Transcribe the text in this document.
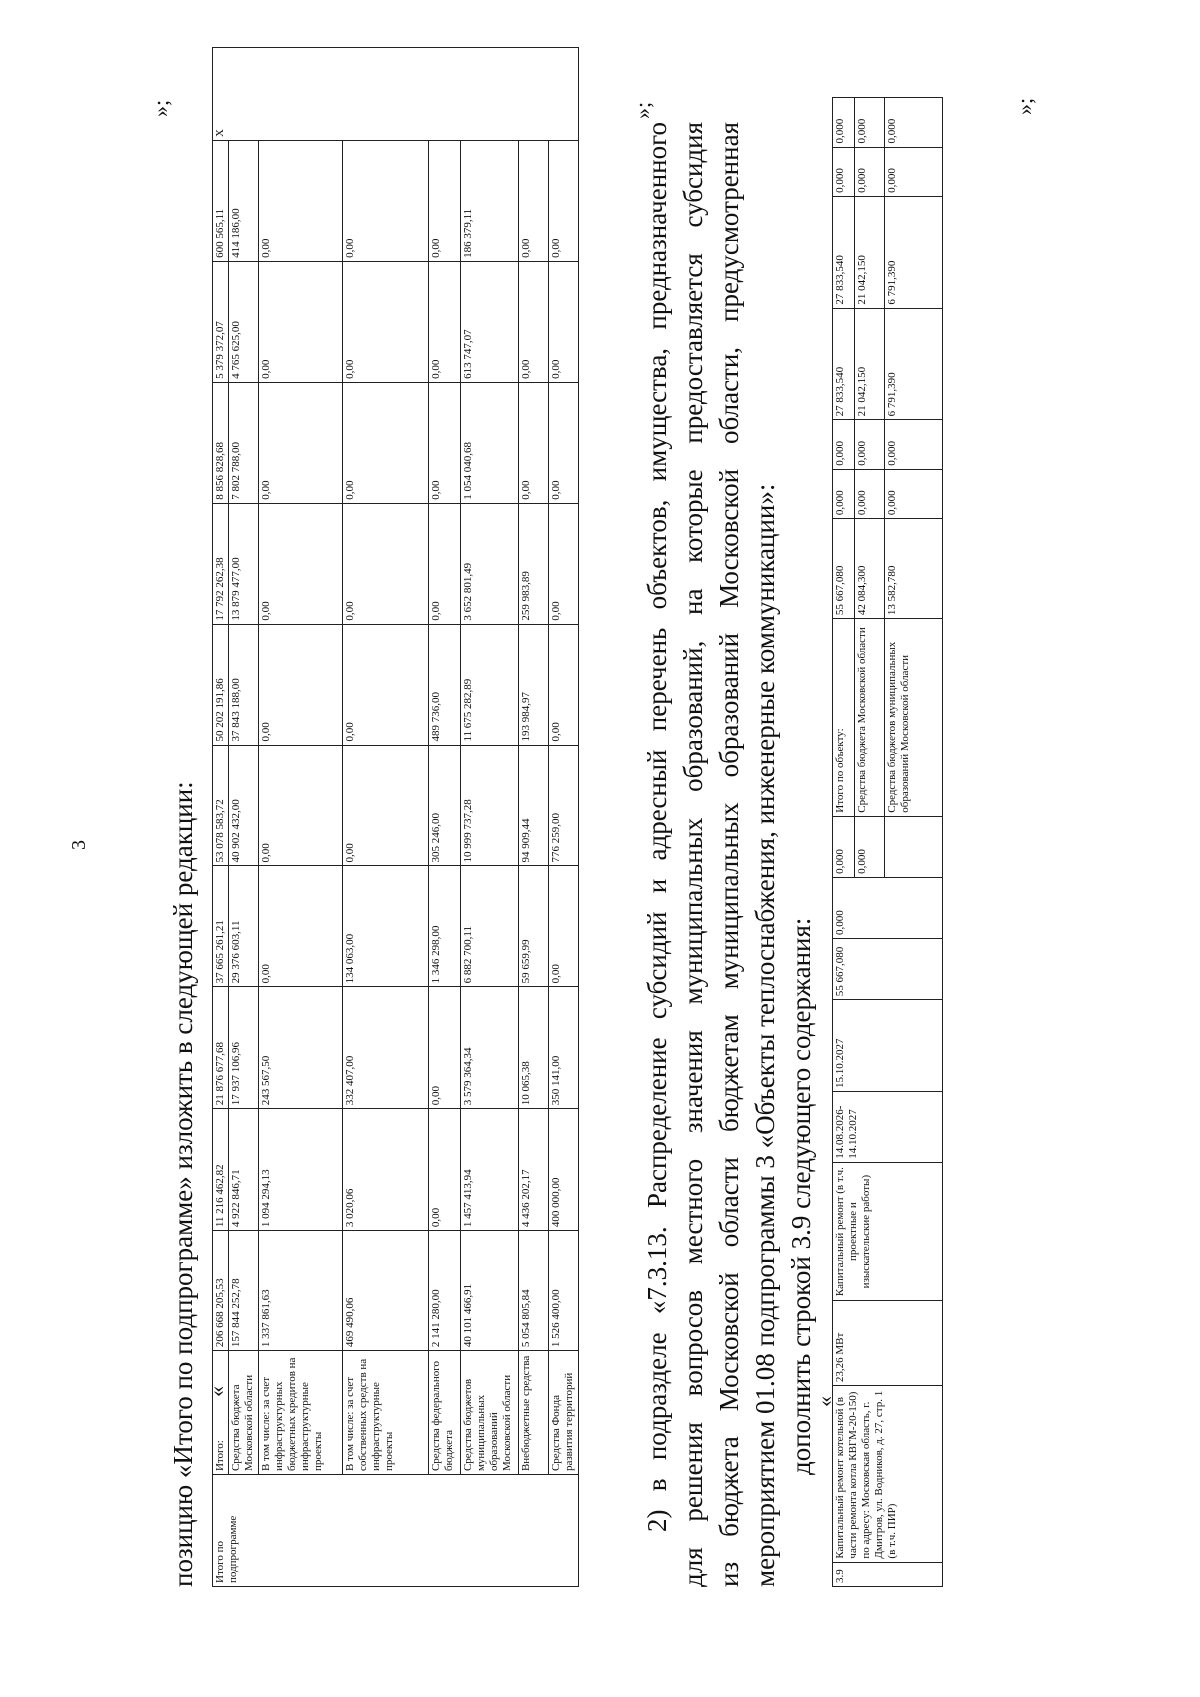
3	позицию «Итого по подпрограмме» изложить в следующей редакции: «
»;
Итого по подпрограмме	Итого:	206 668 205,53	11 216 462,82	21 876 677,68	37 665 261,21	53 078 583,72	50 202 191,86	17 792 262,38	8 856 828,68	5 379 372,07	600 565,11	X
	Средства бюджета Московской области	157 844 252,78	4 922 846,71	17 937 106,96	29 376 603,11	40 902 432,00	37 843 188,00	13 879 477,00	7 802 788,00	4 765 625,00	414 186,00	
	В том числе: за счет инфраструктурных бюджетных кредитов на инфраструктурные проекты	1 337 861,63	1 094 294,13	243 567,50	0,00	0,00	0,00	0,00	0,00	0,00	0,00	
	В том числе: за счет собственных средств на инфраструктурные проекты	469 490,06	3 020,06	332 407,00	134 063,00	0,00	0,00	0,00	0,00	0,00	0,00	
	Средства федерального бюджета	2 141 280,00	0,00	0,00	1 346 298,00	305 246,00	489 736,00	0,00	0,00	0,00	0,00	
	Средства бюджетов муниципальных образований Московской области	40 101 466,91	1 457 413,94	3 579 364,34	6 882 700,11	10 999 737,28	11 675 282,89	3 652 801,49	1 054 040,68	613 747,07	186 379,11	
	Внебюджетные средства	5 054 805,84	4 436 202,17	10 065,38	59 659,99	94 909,44	193 984,97	259 983,89	0,00	0,00	0,00	
	Средства Фонда развития территорий	1 526 400,00	400 000,00	350 141,00	0,00	776 259,00	0,00	0,00	0,00	0,00	0,00		2) в подразделе «7.3.13. Распределение субсидий и адресный перечень объектов, имущества, предназначенного
»;
для решения вопросов местного значения муниципальных образований, на которые предоставляется субсидия из бюджета Московской области бюджетам муниципальных образований Московской области, предусмотренная мероприятием 01.08 подпрограммы 3 «Объекты теплоснабжения, инженерные коммуникации»: дополнить строкой 3.9 следующего содержания:
«
»;
3.9	Капитальный ремонт котельной (в части ремонта котла КВГМ-20-150) по адресу: Московская область, г. Дмитров, ул. Водников, д. 27, стр. 1 (в т.ч. ПИР)	23,26 МВт	Капитальный ремонт (в т.ч. проектные и изыскательские работы)	14.08.2026-14.10.2027	15.10.2027	55 667,080	0,000	0,000	Итого по объекту:	55 667,080	0,000	0,000	27 833,540	27 833,540	0,000	0,000
								0,000	Средства бюджета Московской области	42 084,300	0,000	0,000	21 042,150	21 042,150	0,000	0,000
									Средства бюджетов муниципальных образований Московской области	13 582,780	0,000	0,000	6 791,390	6 791,390	0,000	0,000
